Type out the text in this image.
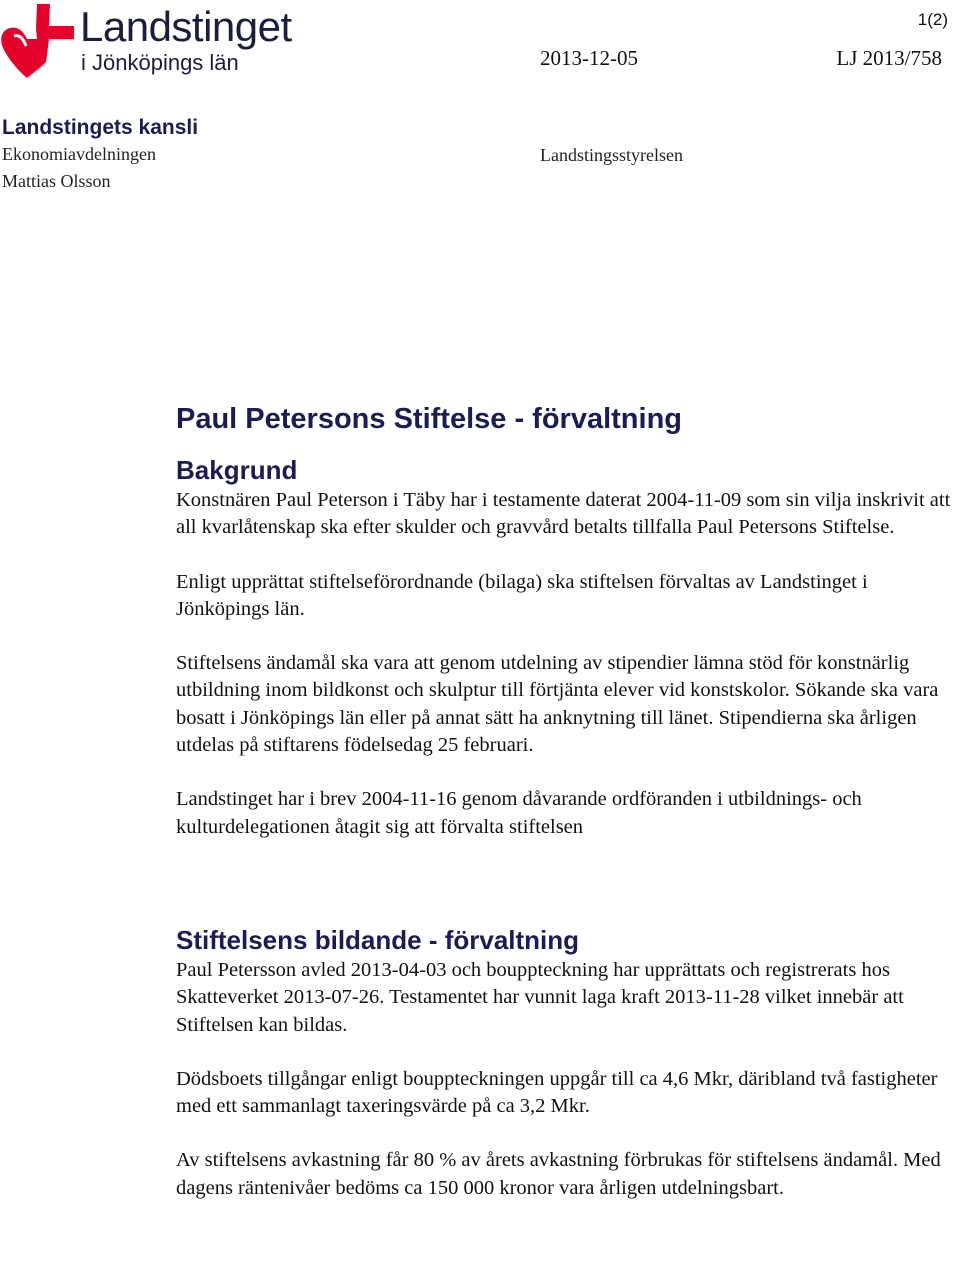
Landstinget
i Jönköpings län
1(2)
2013-12-05	LJ 2013/758
Landstingets kansli
Ekonomiavdelningen
Mattias Olsson
Landstingsstyrelsen
Paul Petersons Stiftelse - förvaltning
Bakgrund

Konstnären Paul Peterson i Täby har i testamente daterat 2004-11-09 som sin vilja inskrivit att all kvarlåtenskap ska efter skulder och gravvård betalts tillfalla Paul Petersons Stiftelse.

Enligt upprättat stiftelseförordnande (bilaga) ska stiftelsen förvaltas av Landstinget i Jönköpings län.

Stiftelsens ändamål ska vara att genom utdelning av stipendier lämna stöd för konstnärlig utbildning inom bildkonst och skulptur till förtjänta elever vid konstskolor. Sökande ska vara bosatt i Jönköpings län eller på annat sätt ha anknytning till länet. Stipendierna ska årligen utdelas på stiftarens födelsedag 25 februari.

Landstinget har i brev 2004-11-16 genom dåvarande ordföranden i utbildnings- och kulturdelegationen åtagit sig att förvalta stiftelsen

Stiftelsens bildande - förvaltning

Paul Petersson avled 2013-04-03 och bouppteckning har upprättats och registrerats hos Skatteverket 2013-07-26. Testamentet har vunnit laga kraft 2013-11-28 vilket innebär att Stiftelsen kan bildas.

Dödsboets tillgångar enligt bouppteckningen uppgår till ca 4,6 Mkr, däribland två fastigheter med ett sammanlagt taxeringsvärde på ca 3,2 Mkr.

Av stiftelsens avkastning får 80 % av årets avkastning förbrukas för stiftelsens ändamål. Med dagens räntenivåer bedöms ca 150 000 kronor vara årligen utdelningsbart.
